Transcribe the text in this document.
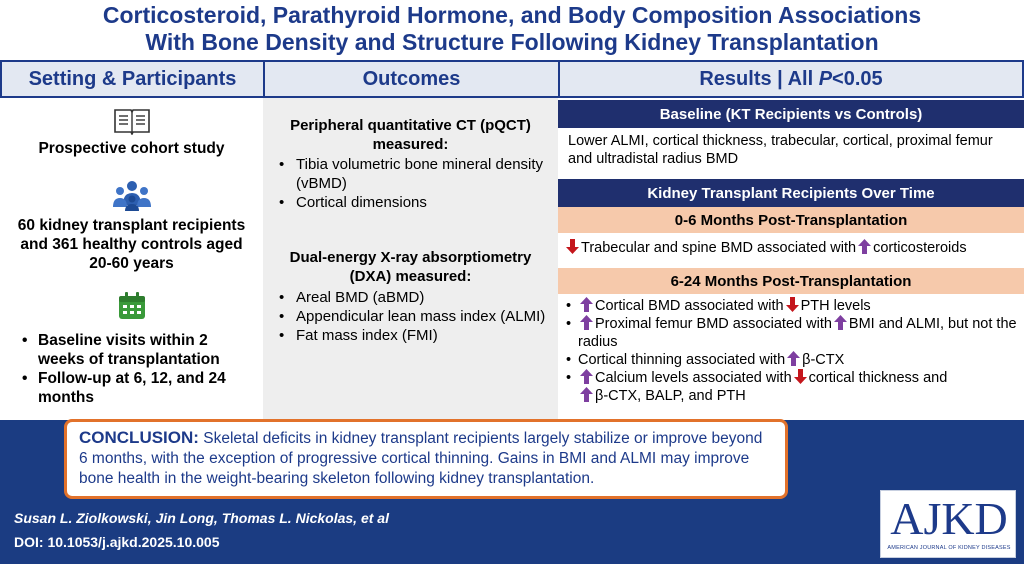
Corticosteroid, Parathyroid Hormone, and Body Composition Associations
With Bone Density and Structure Following Kidney Transplantation
Setting & Participants	Outcomes	Results | All P<0.05
Prospective cohort study
60 kidney transplant recipients and 361 healthy controls aged 20-60 years
• Baseline visits within 2 weeks of transplantation
• Follow-up at 6, 12, and 24 months
Peripheral quantitative CT (pQCT) measured:
• Tibia volumetric bone mineral density (vBMD)
• Cortical dimensions
Dual-energy X-ray absorptiometry (DXA) measured:
• Areal BMD (aBMD)
• Appendicular lean mass index (ALMI)
• Fat mass index (FMI)
Baseline (KT Recipients vs Controls)
Lower ALMI, cortical thickness, trabecular, cortical, proximal femur and ultradistal radius BMD
Kidney Transplant Recipients Over Time
0-6 Months Post-Transplantation
Trabecular and spine BMD associated with corticosteroids
6-24 Months Post-Transplantation
• Cortical BMD associated with PTH levels
• Proximal femur BMD associated with BMI and ALMI, but not the radius
• Cortical thinning associated with β-CTX
• Calcium levels associated with cortical thickness and
β-CTX, BALP, and PTH
CONCLUSION: Skeletal deficits in kidney transplant recipients largely stabilize or improve beyond 6 months, with the exception of progressive cortical thinning. Gains in BMI and ALMI may improve bone health in the weight-bearing skeleton following kidney transplantation.
Susan L. Ziolkowski, Jin Long, Thomas L. Nickolas, et al
DOI: 10.1053/j.ajkd.2025.10.005	AJKD
AMERICAN JOURNAL OF KIDNEY DISEASES
